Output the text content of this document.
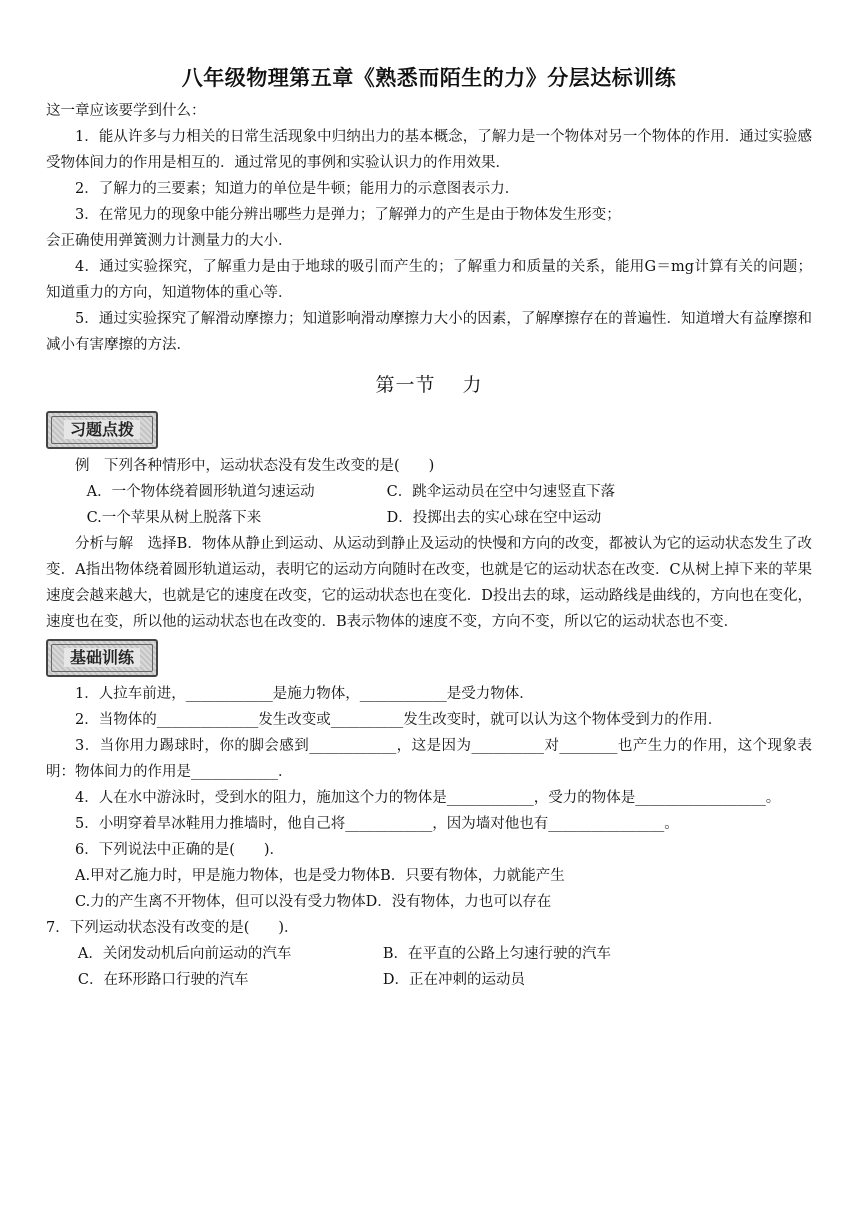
八年级物理第五章《熟悉而陌生的力》分层达标训练

这一章应该要学到什么：

1．能从许多与力相关的日常生活现象中归纳出力的基本概念，了解力是一个物体对另一个物体的作用．通过实验感受物体间力的作用是相互的．通过常见的事例和实验认识力的作用效果．

2．了解力的三要素；知道力的单位是牛顿；能用力的示意图表示力．

3．在常见力的现象中能分辨出哪些力是弹力；了解弹力的产生是由于物体发生形变；

会正确使用弹簧测力计测量力的大小．

4．通过实验探究，了解重力是由于地球的吸引而产生的；了解重力和质量的关系，能用G＝mg计算有关的问题；知道重力的方向，知道物体的重心等．

5．通过实验探究了解滑动摩擦力；知道影响滑动摩擦力大小的因素，了解摩擦存在的普遍性．知道增大有益摩擦和减小有害摩擦的方法．

第一节　 力
习题点拨

例　下列各种情形中，运动状态没有发生改变的是(　　)

A．一个物体绕着圆形轨道匀速运动	C．跳伞运动员在空中匀速竖直下落
C.一个苹果从树上脱落下来	D．投掷出去的实心球在空中运动

分析与解　选择B．物体从静止到运动、从运动到静止及运动的快慢和方向的改变，都被认为它的运动状态发生了改变．A指出物体绕着圆形轨道运动，表明它的运动方向随时在改变，也就是它的运动状态在改变．C从树上掉下来的苹果速度会越来越大，也就是它的速度在改变，它的运动状态也在变化．D投出去的球，运动路线是曲线的，方向也在变化，速度也在变，所以他的运动状态也在改变的．B表示物体的速度不变，方向不变，所以它的运动状态也不变．

基础训练

1．人拉车前进，____________是施力物体，____________是受力物体．

2．当物体的______________发生改变或__________发生改变时，就可以认为这个物体受到力的作用．

3．当你用力踢球时，你的脚会感到____________，这是因为__________对________也产生力的作用，这个现象表明：物体间力的作用是____________．

4．人在水中游泳时，受到水的阻力，施加这个力的物体是____________，受力的物体是__________________。

5．小明穿着旱冰鞋用力推墙时，他自己将____________，因为墙对他也有________________。

6．下列说法中正确的是(　　)．

A.甲对乙施力时，甲是施力物体，也是受力物体B．只要有物体，力就能产生

C.力的产生离不开物体，但可以没有受力物体D．没有物体，力也可以存在

7．下列运动状态没有改变的是(　　)．

A．关闭发动机后向前运动的汽车	B．在平直的公路上匀速行驶的汽车
C．在环形路口行驶的汽车	D．正在冲刺的运动员
